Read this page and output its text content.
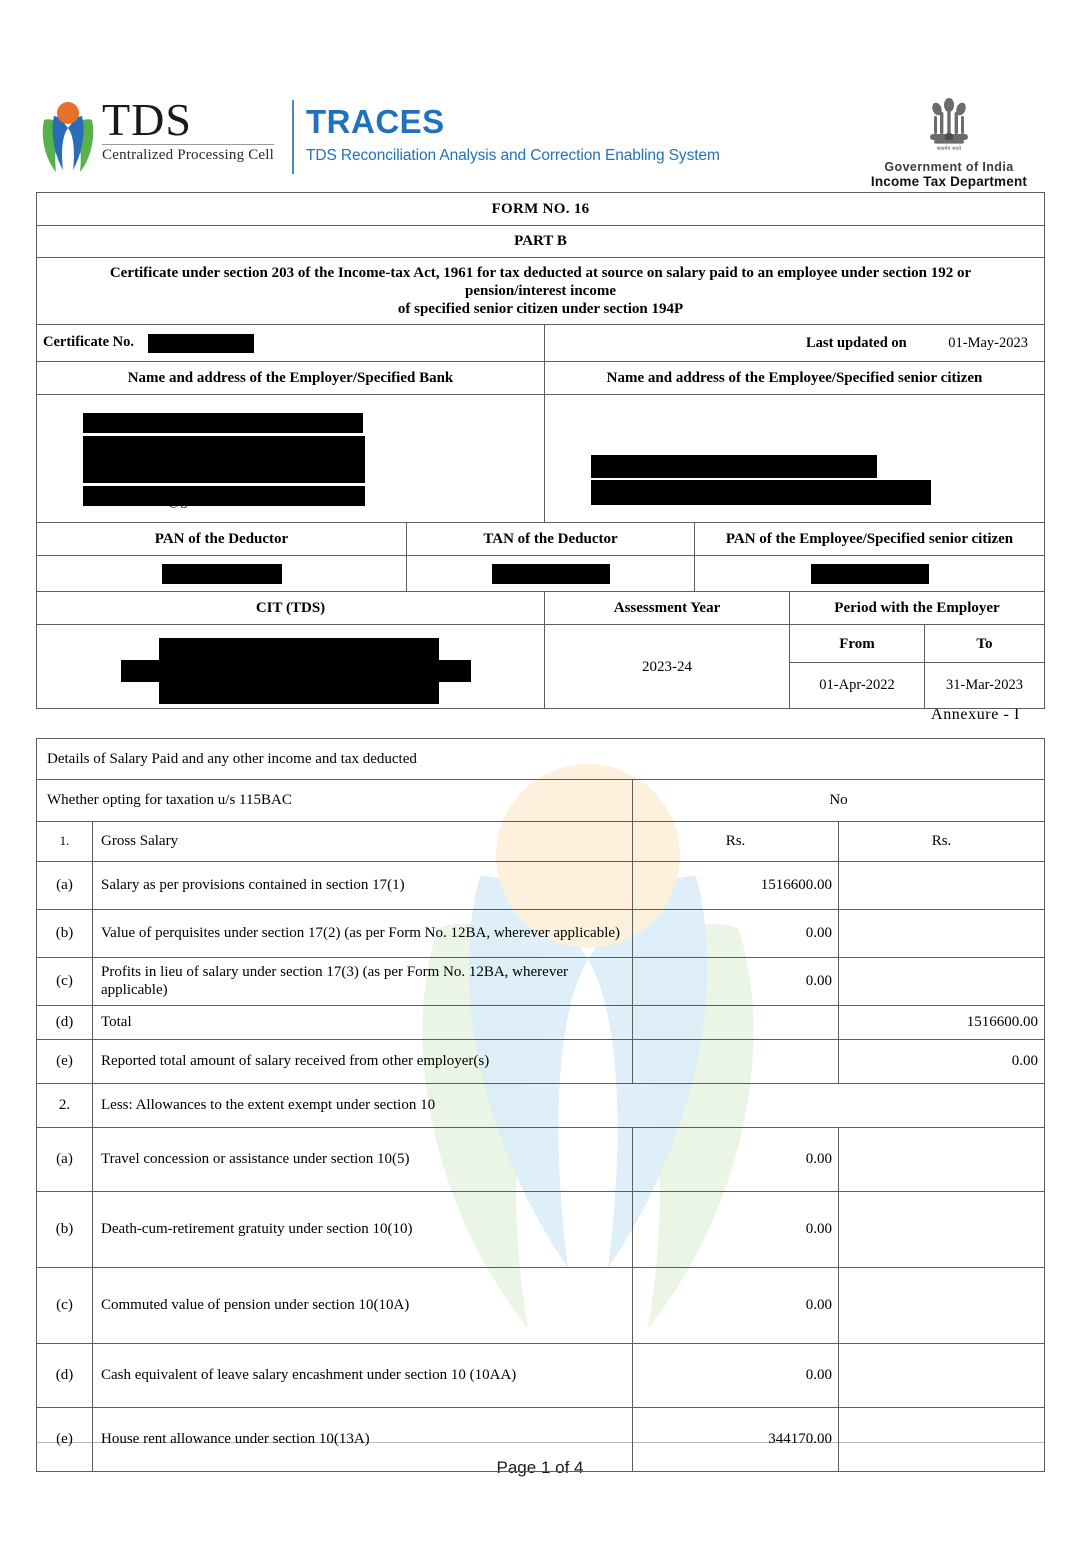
TDS
Centralized Processing Cell
TRACES
TDS Reconciliation Analysis and Correction Enabling System	सत्यमेव जयते
Government of India
Income Tax Department
FORM NO. 16					
PART B					
Certificate under section 203 of the Income-tax Act, 1961 for tax deducted at source on salary paid to an employee under section 192 or pension/interest income
of specified senior citizen under section 194P					
Certificate No.		Last updated on 01-May-2023			
Name and address of the Employer/Specified Bank		Name and address of the Employee/Specified senior citizen			

itsneotechie@gmail.com					

PAN of the Deductor	TAN of the Deductor		PAN of the Employee/Specified senior citizen		

CIT (TDS)		Assessment Year		Period with the Employer	

		2023-24		From	To
				01-Apr-2022	31-Mar-2023
Annexure - I
Details of Salary Paid and any other income and tax deducted			
Whether opting for taxation u/s 115BAC		No	
1.	Gross Salary	Rs.	Rs.
(a)	Salary as per provisions contained in section 17(1)	1516600.00	
(b)	Value of perquisites under section 17(2) (as per Form No. 12BA, wherever applicable)	0.00	
(c)	Profits in lieu of salary under section 17(3) (as per Form No. 12BA, wherever applicable)	0.00	
(d)	Total		1516600.00
(e)	Reported total amount of salary received from other employer(s)		0.00
2.	Less: Allowances to the extent exempt under section 10		
(a)	Travel concession or assistance under section 10(5)	0.00	
(b)	Death-cum-retirement gratuity under section 10(10)	0.00	
(c)	Commuted value of pension under section 10(10A)	0.00	
(d)	Cash equivalent of leave salary encashment under section 10 (10AA)	0.00	
(e)	House rent allowance under section 10(13A)	344170.00	
Page 1 of 4
